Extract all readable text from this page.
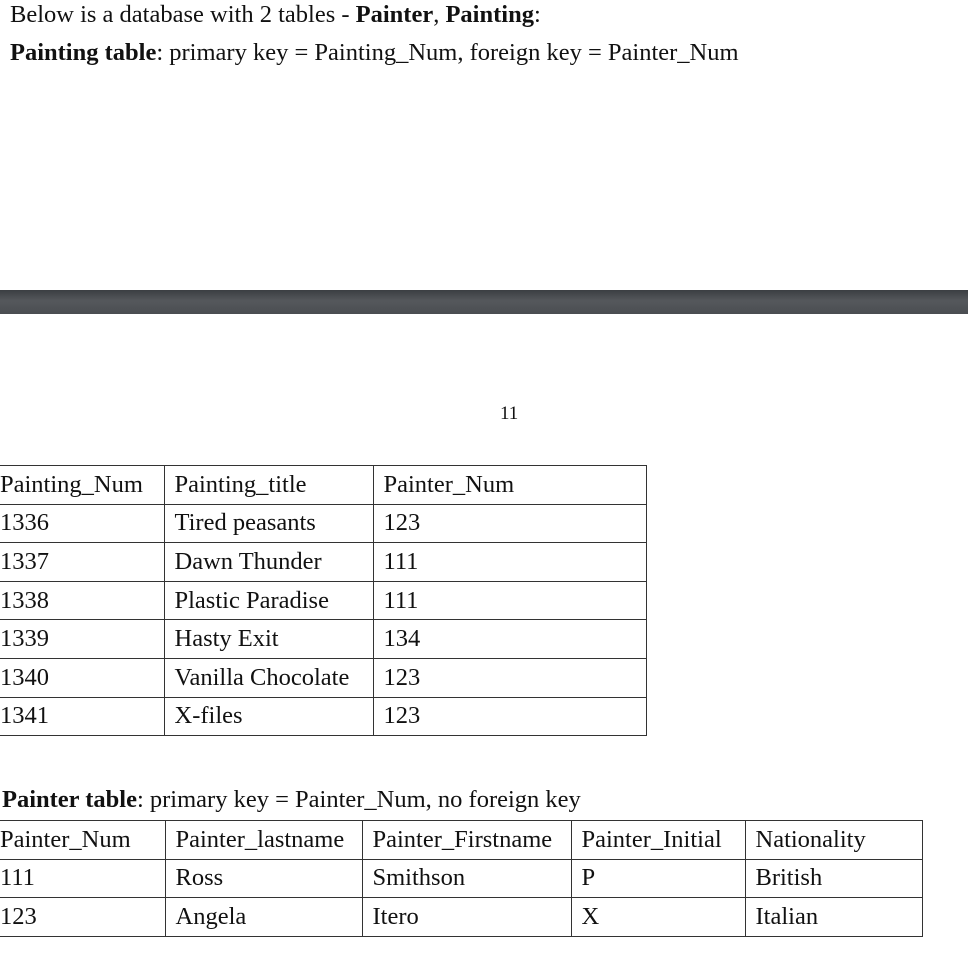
Below is a database with 2 tables - Painter, Painting:
Painting table: primary key = Painting_Num, foreign key = Painter_Num
11
Painting_Num	Painting_title	Painter_Num
1336	Tired peasants	123
1337	Dawn Thunder	111
1338	Plastic Paradise	111
1339	Hasty Exit	134
1340	Vanilla Chocolate	123
1341	X-files	123
Painter table: primary key = Painter_Num, no foreign key
Painter_Num	Painter_lastname	Painter_Firstname	Painter_Initial	Nationality
111	Ross	Smithson	P	British
123	Angela	Itero	X	Italian
